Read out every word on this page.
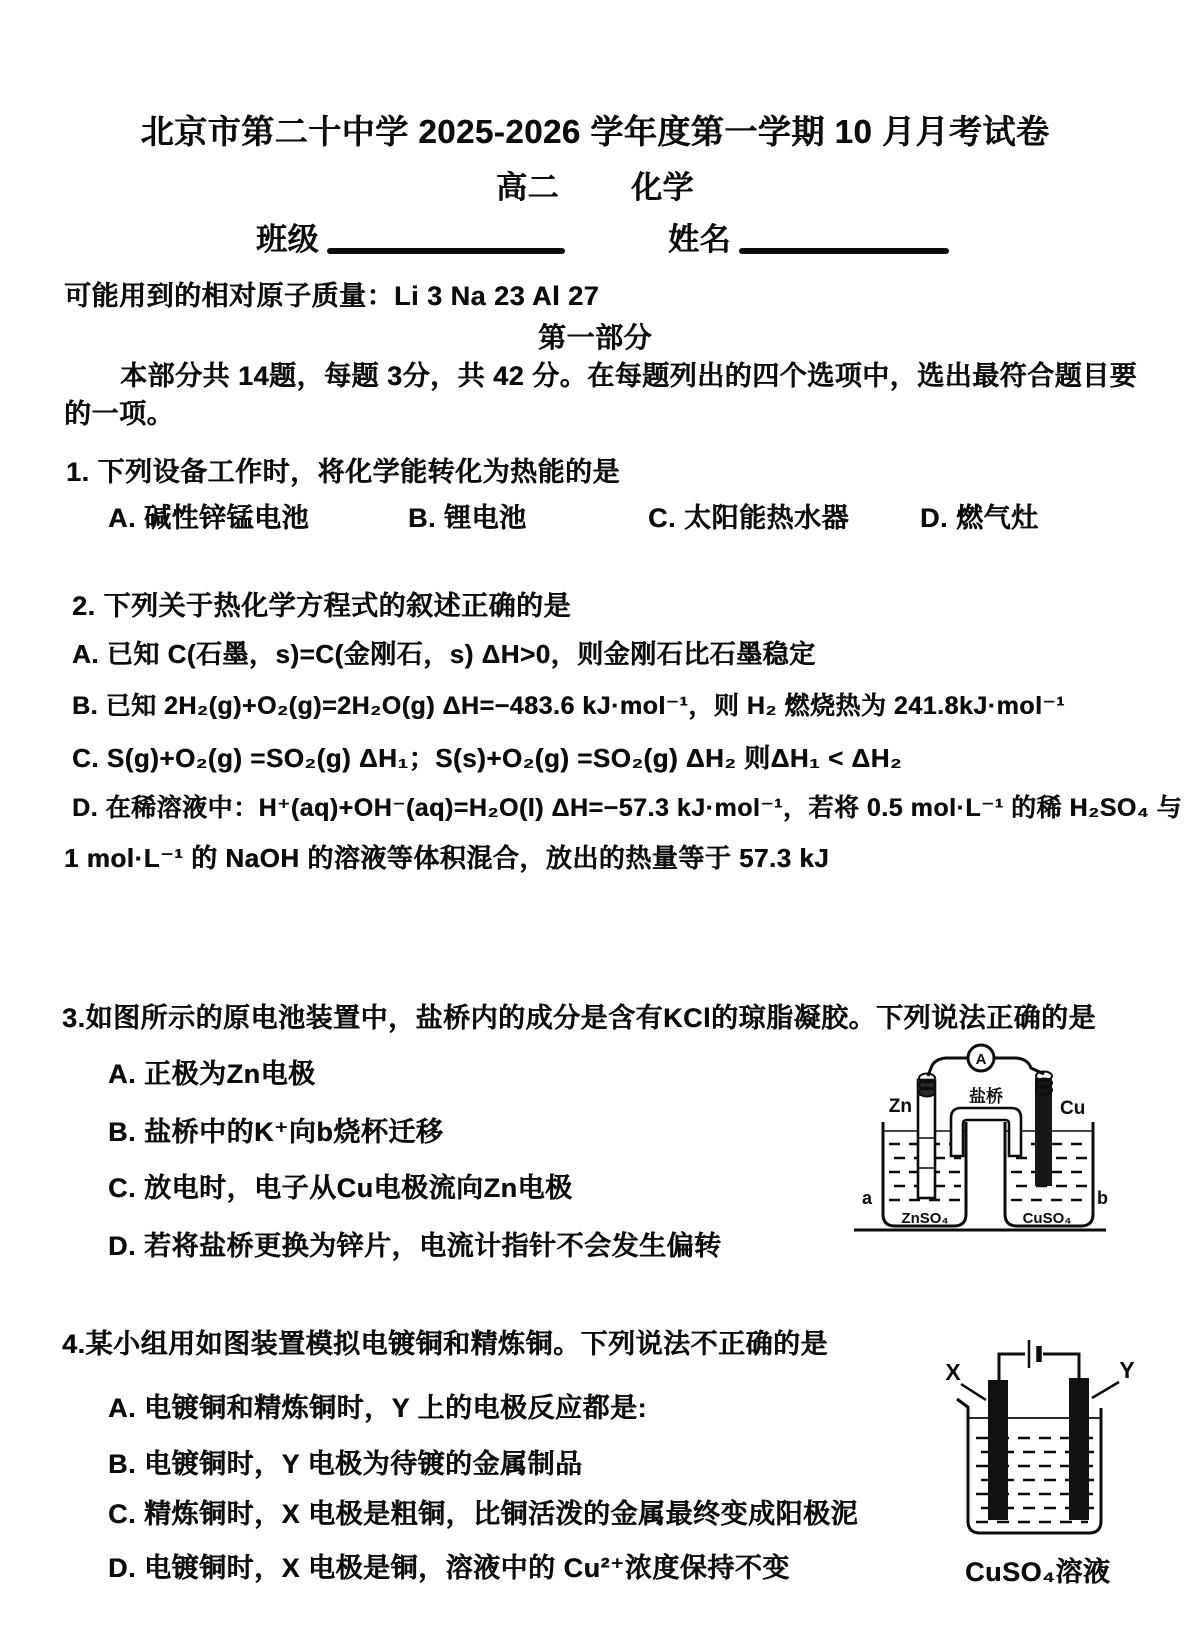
北京市第二十中学 2025-2026 学年度第一学期 10 月月考试卷
高二 化学
班级	姓名
可能用到的相对原子质量：Li 3 Na 23 Al 27
第一部分
本部分共 14题，每题 3分，共 42 分。在每题列出的四个选项中，选出最符合题目要
的一项。
1. 下列设备工作时，将化学能转化为热能的是
A. 碱性锌锰电池	B. 锂电池	C. 太阳能热水器	D. 燃气灶
2. 下列关于热化学方程式的叙述正确的是
A. 已知 C(石墨，s)=C(金刚石，s) ΔH>0，则金刚石比石墨稳定
B. 已知 2H₂(g)+O₂(g)=2H₂O(g) ΔH=−483.6 kJ·mol⁻¹，则 H₂ 燃烧热为 241.8kJ·mol⁻¹
C. S(g)+O₂(g) =SO₂(g) ΔH₁；S(s)+O₂(g) =SO₂(g) ΔH₂ 则ΔH₁ < ΔH₂
D. 在稀溶液中：H⁺(aq)+OH⁻(aq)=H₂O(l) ΔH=−57.3 kJ·mol⁻¹，若将 0.5 mol·L⁻¹ 的稀 H₂SO₄ 与
1 mol·L⁻¹ 的 NaOH 的溶液等体积混合，放出的热量等于 57.3 kJ
3.如图所示的原电池装置中，盐桥内的成分是含有KCl的琼脂凝胶。下列说法正确的是
A. 正极为Zn电极
B. 盐桥中的K⁺向b烧杯迁移
C. 放电时，电子从Cu电极流向Zn电极
D. 若将盐桥更换为锌片，电流计指针不会发生偏转
A
盐桥
Zn	Cu
a	b
ZnSO₄	CuSO₄
4.某小组用如图装置模拟电镀铜和精炼铜。下列说法不正确的是
A. 电镀铜和精炼铜时，Y 上的电极反应都是:
B. 电镀铜时，Y 电极为待镀的金属制品
C. 精炼铜时，X 电极是粗铜，比铜活泼的金属最终变成阳极泥
D. 电镀铜时，X 电极是铜，溶液中的 Cu²⁺浓度保持不变
X	Y
CuSO₄溶液
